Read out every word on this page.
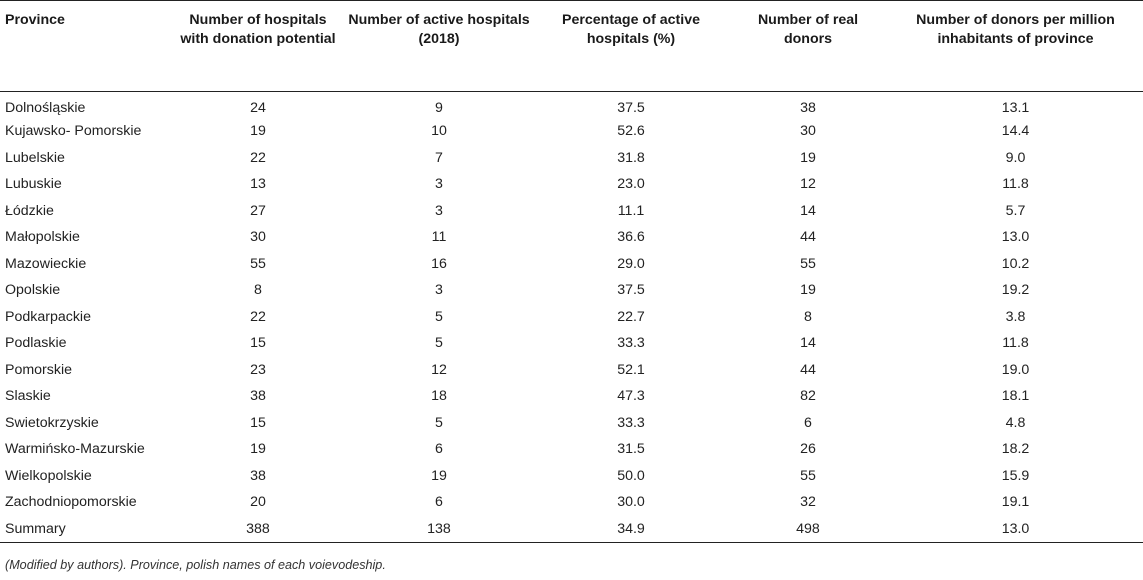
Province	Number of hospitals with donation potential	Number of active hospitals (2018)	Percentage of active hospitals (%)	Number of real donors	Number of donors per million inhabitants of province
Dolnośląskie	24	9	37.5	38	13.1
Kujawsko- Pomorskie	19	10	52.6	30	14.4
Lubelskie	22	7	31.8	19	9.0
Lubuskie	13	3	23.0	12	11.8
Łódzkie	27	3	11.1	14	5.7
Małopolskie	30	11	36.6	44	13.0
Mazowieckie	55	16	29.0	55	10.2
Opolskie	8	3	37.5	19	19.2
Podkarpackie	22	5	22.7	8	3.8
Podlaskie	15	5	33.3	14	11.8
Pomorskie	23	12	52.1	44	19.0
Slaskie	38	18	47.3	82	18.1
Swietokrzyskie	15	5	33.3	6	4.8
Warmińsko-Mazurskie	19	6	31.5	26	18.2
Wielkopolskie	38	19	50.0	55	15.9
Zachodniopomorskie	20	6	30.0	32	19.1
Summary	388	138	34.9	498	13.0
(Modified by authors). Province, polish names of each voievodeship.
